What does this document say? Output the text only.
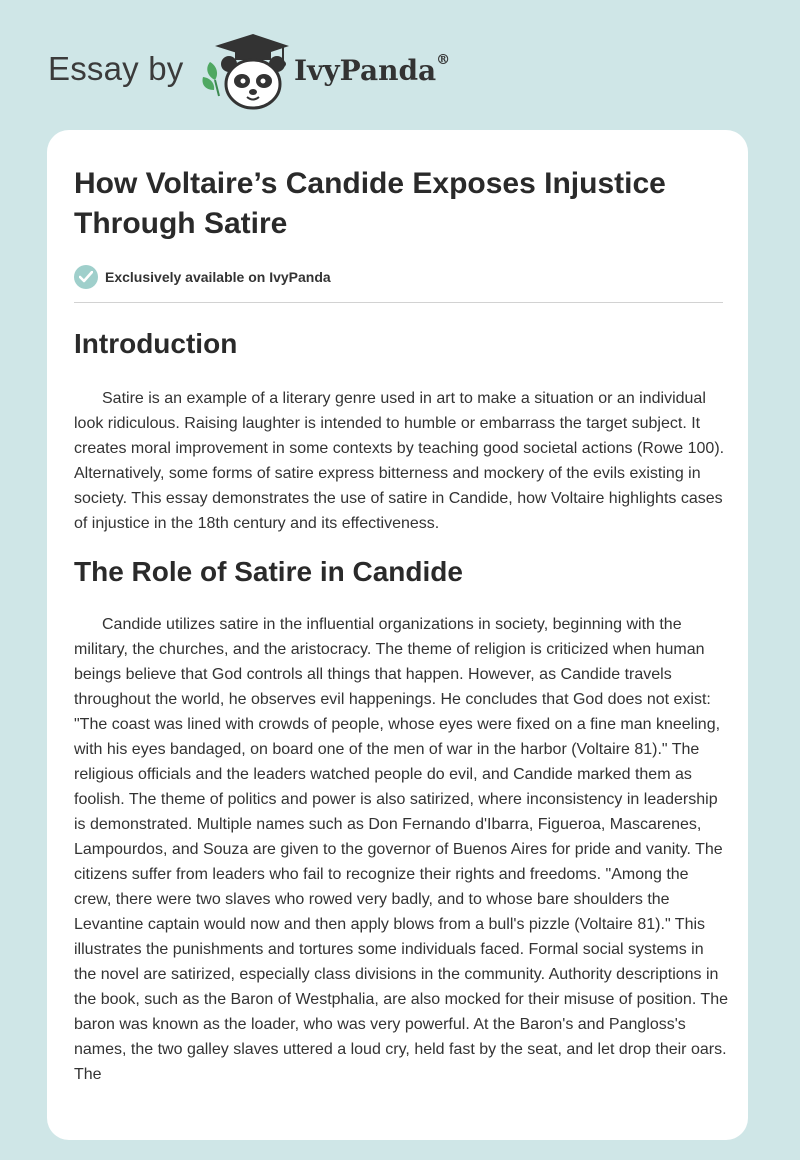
Essay by	IvyPanda®
How Voltaire’s Candide Exposes Injustice Through Satire
Exclusively available on IvyPanda
Introduction

Satire is an example of a literary genre used in art to make a situation or an individual look ridiculous. Raising laughter is intended to humble or embarrass the target subject. It creates moral improvement in some contexts by teaching good societal actions (Rowe 100). Alternatively, some forms of satire express bitterness and mockery of the evils existing in society. This essay demonstrates the use of satire in Candide, how Voltaire highlights cases of injustice in the 18th century and its effectiveness.

The Role of Satire in Candide

Candide utilizes satire in the influential organizations in society, beginning with the military, the churches, and the aristocracy. The theme of religion is criticized when human beings believe that God controls all things that happen. However, as Candide travels throughout the world, he observes evil happenings. He concludes that God does not exist: "The coast was lined with crowds of people, whose eyes were fixed on a fine man kneeling, with his eyes bandaged, on board one of the men of war in the harbor (Voltaire 81)." The religious officials and the leaders watched people do evil, and Candide marked them as foolish. The theme of politics and power is also satirized, where inconsistency in leadership is demonstrated. Multiple names such as Don Fernando d'Ibarra, Figueroa, Mascarenes, Lampourdos, and Souza are given to the governor of Buenos Aires for pride and vanity. The citizens suffer from leaders who fail to recognize their rights and freedoms. "Among the crew, there were two slaves who rowed very badly, and to whose bare shoulders the Levantine captain would now and then apply blows from a bull's pizzle (Voltaire 81)." This illustrates the punishments and tortures some individuals faced. Formal social systems in the novel are satirized, especially class divisions in the community. Authority descriptions in the book, such as the Baron of Westphalia, are also mocked for their misuse of position. The baron was known as the loader, who was very powerful. At the Baron's and Pangloss's names, the two galley slaves uttered a loud cry, held fast by the seat, and let drop their oars. The
